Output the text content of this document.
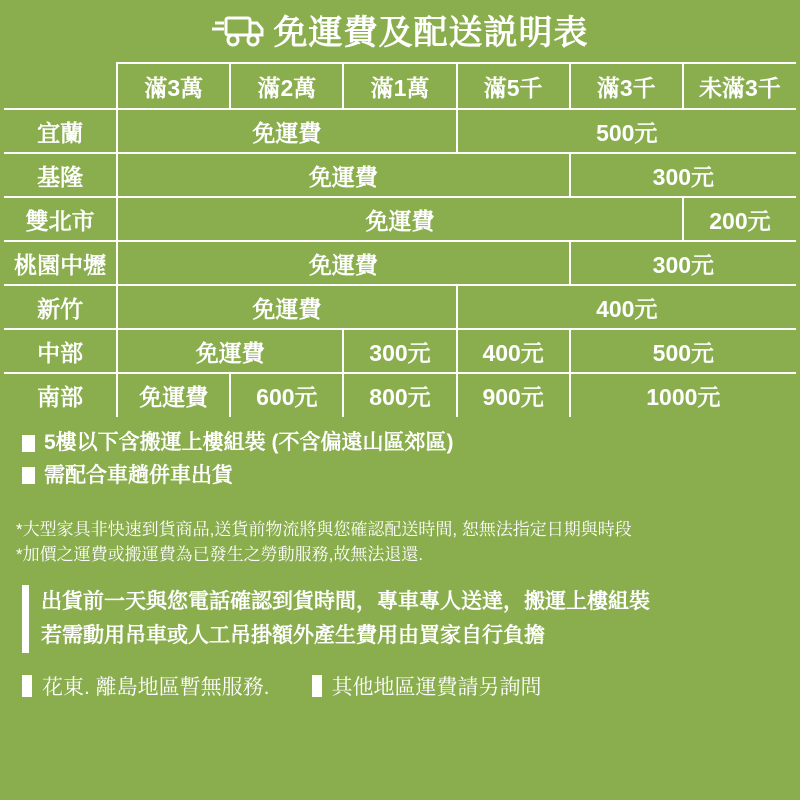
免運費及配送説明表
	滿3萬	滿2萬	滿1萬	滿5千	滿3千	未滿3千
宜蘭	免運費			500元		
基隆	免運費				300元	
雙北市	免運費					200元
桃園中壢	免運費				300元	
新竹	免運費			400元		
中部	免運費		300元	400元	500元	
南部	免運費	600元	800元	900元	1000元	
5樓以下含搬運上樓組裝 (不含偏遠山區郊區)
需配合車趟併車出貨
*大型家具非快速到貨商品,送貨前物流將與您確認配送時間, 恕無法指定日期與時段
*加價之運費或搬運費為已發生之勞動服務,故無法退還.
出貨前一天與您電話確認到貨時間，專車專人送達，搬運上樓組裝
若需動用吊車或人工吊掛額外產生費用由買家自行負擔
花東. 離島地區暫無服務.	其他地區運費請另詢問
